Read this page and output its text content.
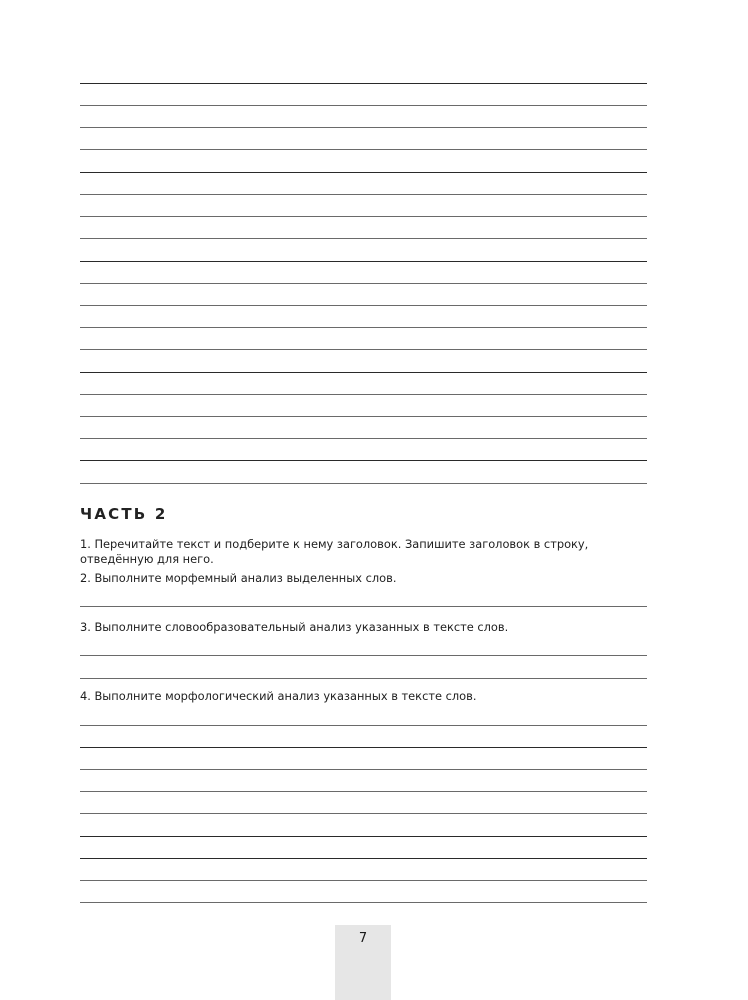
ЧАСТЬ 2

1. Перечитайте текст и подберите к нему заголовок. Запишите заголовок в строку, отведённую для него.

2. Выполните морфемный анализ выделенных слов.

3. Выполните словообразовательный анализ указанных в тексте слов.

4. Выполните морфологический анализ указанных в тексте слов.

7
